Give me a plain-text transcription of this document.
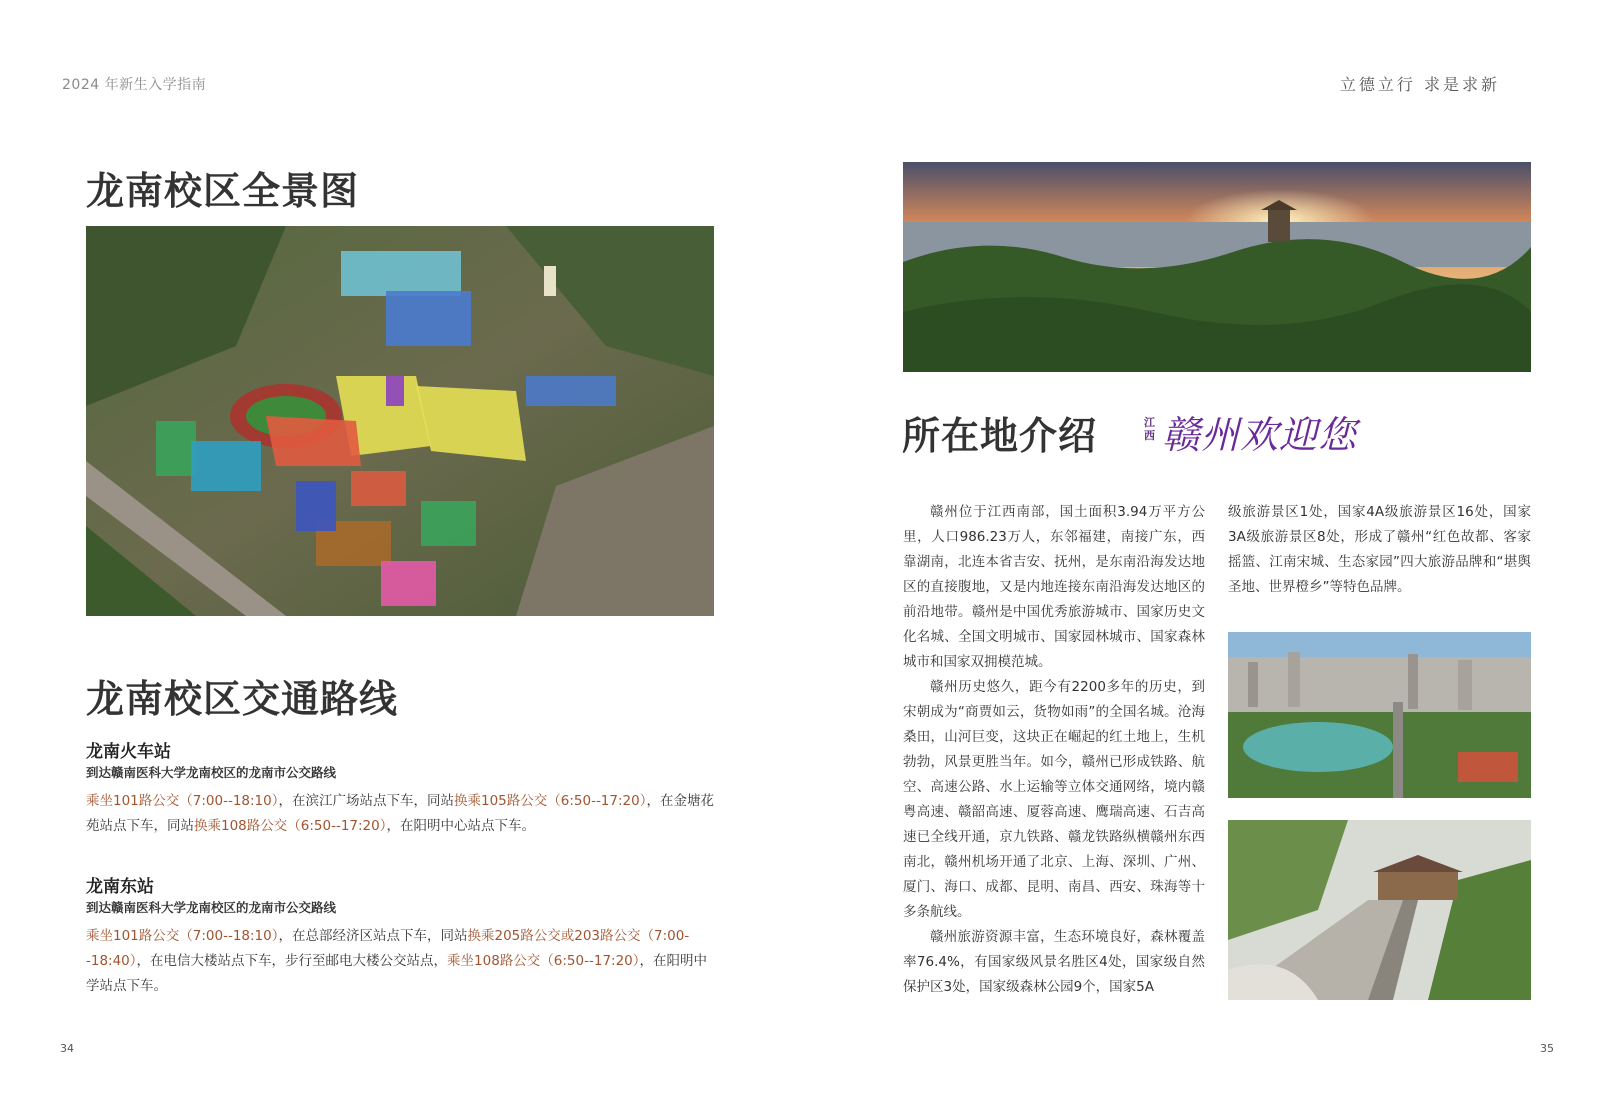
2024 年新生入学指南	立德立行 求是求新
龙南校区全景图
龙南校区交通路线
龙南火车站
到达赣南医科大学龙南校区的龙南市公交路线
乘坐101路公交（7:00--18:10），在滨江广场站点下车，同站换乘105路公交（6:50--17:20），在金塘花苑站点下车，同站换乘108路公交（6:50--17:20），在阳明中心站点下车。
龙南东站
到达赣南医科大学龙南校区的龙南市公交路线
乘坐101路公交（7:00--18:10），在总部经济区站点下车，同站换乘205路公交或203路公交（7:00--18:40），在电信大楼站点下车，步行至邮电大楼公交站点，乘坐108路公交（6:50--17:20），在阳明中学站点下车。
34
所在地介绍	江西 赣州欢迎您

赣州位于江西南部，国土面积3.94万平方公里，人口986.23万人，东邻福建，南接广东，西靠湖南，北连本省吉安、抚州，是东南沿海发达地区的直接腹地，又是内地连接东南沿海发达地区的前沿地带。赣州是中国优秀旅游城市、国家历史文化名城、全国文明城市、国家园林城市、国家森林城市和国家双拥模范城。

赣州历史悠久，距今有2200多年的历史，到宋朝成为“商贾如云，货物如雨”的全国名城。沧海桑田，山河巨变，这块正在崛起的红土地上，生机勃勃，风景更胜当年。如今，赣州已形成铁路、航空、高速公路、水上运输等立体交通网络，境内赣粤高速、赣韶高速、厦蓉高速、鹰瑞高速、石吉高速已全线开通，京九铁路、赣龙铁路纵横赣州东西南北，赣州机场开通了北京、上海、深圳、广州、厦门、海口、成都、昆明、南昌、西安、珠海等十多条航线。

赣州旅游资源丰富，生态环境良好，森林覆盖率76.4%，有国家级风景名胜区4处，国家级自然保护区3处，国家级森林公园9个，国家5A

级旅游景区1处，国家4A级旅游景区16处，国家3A级旅游景区8处，形成了赣州“红色故都、客家摇篮、江南宋城、生态家园”四大旅游品牌和“堪舆圣地、世界橙乡”等特色品牌。

35
